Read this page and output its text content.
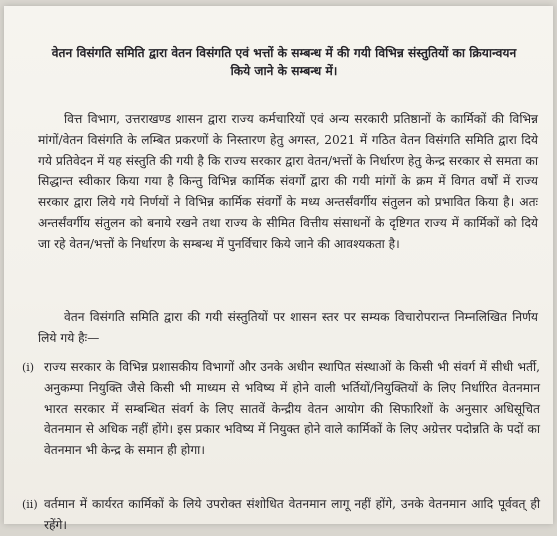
वेतन विसंगति समिति द्वारा वेतन विसंगति एवं भत्तों के सम्बन्ध में की गयी विभिन्न संस्तुतियों का क्रियान्वयन किये जाने के सम्बन्ध में।

वित्त विभाग, उत्तराखण्ड शासन द्वारा राज्य कर्मचारियों एवं अन्य सरकारी प्रतिष्ठानों के कार्मिकों की विभिन्न मांगों/वेतन विसंगति के लम्बित प्रकरणों के निस्तारण हेतु अगस्त, 2021 में गठित वेतन विसंगति समिति द्वारा दिये गये प्रतिवेदन में यह संस्तुति की गयी है कि राज्य सरकार द्वारा वेतन/भत्तों के निर्धारण हेतु केन्द्र सरकार से समता का सिद्धान्त स्वीकार किया गया है किन्तु विभिन्न कार्मिक संवर्गों द्वारा की गयी मांगों के क्रम में विगत वर्षों में राज्य सरकार द्वारा लिये गये निर्णयों ने विभिन्न कार्मिक संवर्गों के मध्य अन्तर्संवर्गीय संतुलन को प्रभावित किया है। अतः अन्तर्संवर्गीय संतुलन को बनाये रखने तथा राज्य के सीमित वित्तीय संसाधनों के दृष्टिगत राज्य में कार्मिकों को दिये जा रहे वेतन/भत्तों के निर्धारण के सम्बन्ध में पुनर्विचार किये जाने की आवश्यकता है।

वेतन विसंगति समिति द्वारा की गयी संस्तुतियों पर शासन स्तर पर सम्यक विचारोपरान्त निम्नलिखित निर्णय लिये गये हैः—

(i) राज्य सरकार के विभिन्न प्रशासकीय विभागों और उनके अधीन स्थापित संस्थाओं के किसी भी संवर्ग में सीधी भर्ती, अनुकम्पा नियुक्ति जैसे किसी भी माध्यम से भविष्य में होने वाली भर्तियों/नियुक्तियों के लिए निर्धारित वेतनमान भारत सरकार में सम्बन्धित संवर्ग के लिए सातवें केन्द्रीय वेतन आयोग की सिफारिशों के अनुसार अधिसूचित वेतनमान से अधिक नहीं होंगे। इस प्रकार भविष्य में नियुक्त होने वाले कार्मिकों के लिए अग्रेत्तर पदोन्नति के पदों का वेतनमान भी केन्द्र के समान ही होगा।

(ii) वर्तमान में कार्यरत कार्मिकों के लिये उपरोक्त संशोधित वेतनमान लागू नहीं होंगे, उनके वेतनमान आदि पूर्ववत् ही रहेंगे।
